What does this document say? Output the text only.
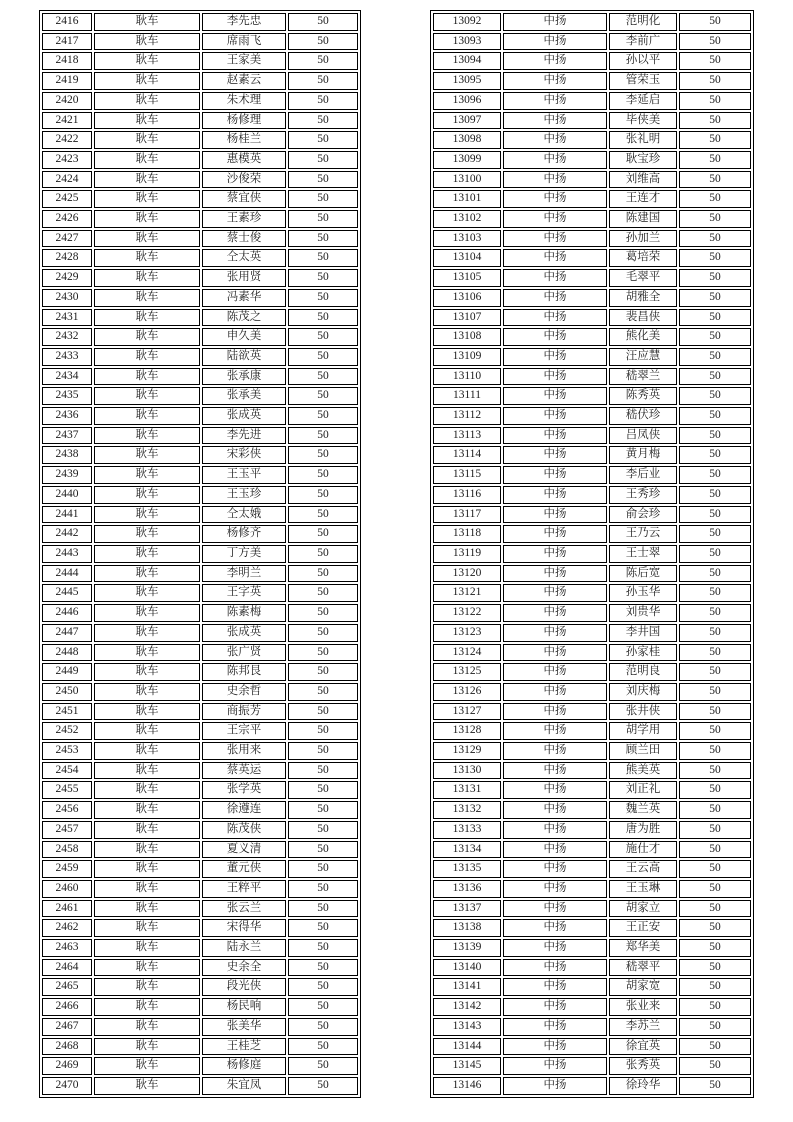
2416	耿车	李先忠	50
2417	耿车	席雨飞	50
2418	耿车	王家美	50
2419	耿车	赵素云	50
2420	耿车	朱术理	50
2421	耿车	杨修理	50
2422	耿车	杨桂兰	50
2423	耿车	惠模英	50
2424	耿车	沙俊荣	50
2425	耿车	蔡宜侠	50
2426	耿车	王素珍	50
2427	耿车	蔡士俊	50
2428	耿车	仝太英	50
2429	耿车	张用贤	50
2430	耿车	冯素华	50
2431	耿车	陈茂之	50
2432	耿车	申久美	50
2433	耿车	陆欲英	50
2434	耿车	张承康	50
2435	耿车	张承美	50
2436	耿车	张成英	50
2437	耿车	李先进	50
2438	耿车	宋彩侠	50
2439	耿车	王玉平	50
2440	耿车	王玉珍	50
2441	耿车	仝太娥	50
2442	耿车	杨修齐	50
2443	耿车	丁方美	50
2444	耿车	李明兰	50
2445	耿车	王字英	50
2446	耿车	陈素梅	50
2447	耿车	张成英	50
2448	耿车	张广贤	50
2449	耿车	陈邦艮	50
2450	耿车	史余哲	50
2451	耿车	商振芳	50
2452	耿车	王宗平	50
2453	耿车	张用来	50
2454	耿车	蔡英运	50
2455	耿车	张学英	50
2456	耿车	徐遵连	50
2457	耿车	陈茂侠	50
2458	耿车	夏义清	50
2459	耿车	董元侠	50
2460	耿车	王粹平	50
2461	耿车	张云兰	50
2462	耿车	宋得华	50
2463	耿车	陆永兰	50
2464	耿车	史余全	50
2465	耿车	段光侠	50
2466	耿车	杨民响	50
2467	耿车	张美华	50
2468	耿车	王桂芝	50
2469	耿车	杨修庭	50
2470	耿车	朱宜凤	50
13092	中扬	范明化	50
13093	中扬	李前广	50
13094	中扬	孙以平	50
13095	中扬	管荣玉	50
13096	中扬	李延启	50
13097	中扬	毕侠美	50
13098	中扬	张礼明	50
13099	中扬	耿宝珍	50
13100	中扬	刘维高	50
13101	中扬	王连才	50
13102	中扬	陈建国	50
13103	中扬	孙加兰	50
13104	中扬	葛培荣	50
13105	中扬	毛翠平	50
13106	中扬	胡雅全	50
13107	中扬	裴昌侠	50
13108	中扬	熊化美	50
13109	中扬	汪应慧	50
13110	中扬	嵇翠兰	50
13111	中扬	陈秀英	50
13112	中扬	嵇伏珍	50
13113	中扬	吕凤侠	50
13114	中扬	黄月梅	50
13115	中扬	李后业	50
13116	中扬	王秀珍	50
13117	中扬	俞会珍	50
13118	中扬	王乃云	50
13119	中扬	王士翠	50
13120	中扬	陈后宽	50
13121	中扬	孙玉华	50
13122	中扬	刘贵华	50
13123	中扬	李井国	50
13124	中扬	孙家桂	50
13125	中扬	范明良	50
13126	中扬	刘庆梅	50
13127	中扬	张井侠	50
13128	中扬	胡学用	50
13129	中扬	顾兰田	50
13130	中扬	熊美英	50
13131	中扬	刘正礼	50
13132	中扬	魏兰英	50
13133	中扬	唐为胜	50
13134	中扬	施仕才	50
13135	中扬	王云高	50
13136	中扬	王玉琳	50
13137	中扬	胡家立	50
13138	中扬	王正安	50
13139	中扬	郑华美	50
13140	中扬	嵇翠平	50
13141	中扬	胡家宽	50
13142	中扬	张业来	50
13143	中扬	李苏兰	50
13144	中扬	徐宜英	50
13145	中扬	张秀英	50
13146	中扬	徐玲华	50
